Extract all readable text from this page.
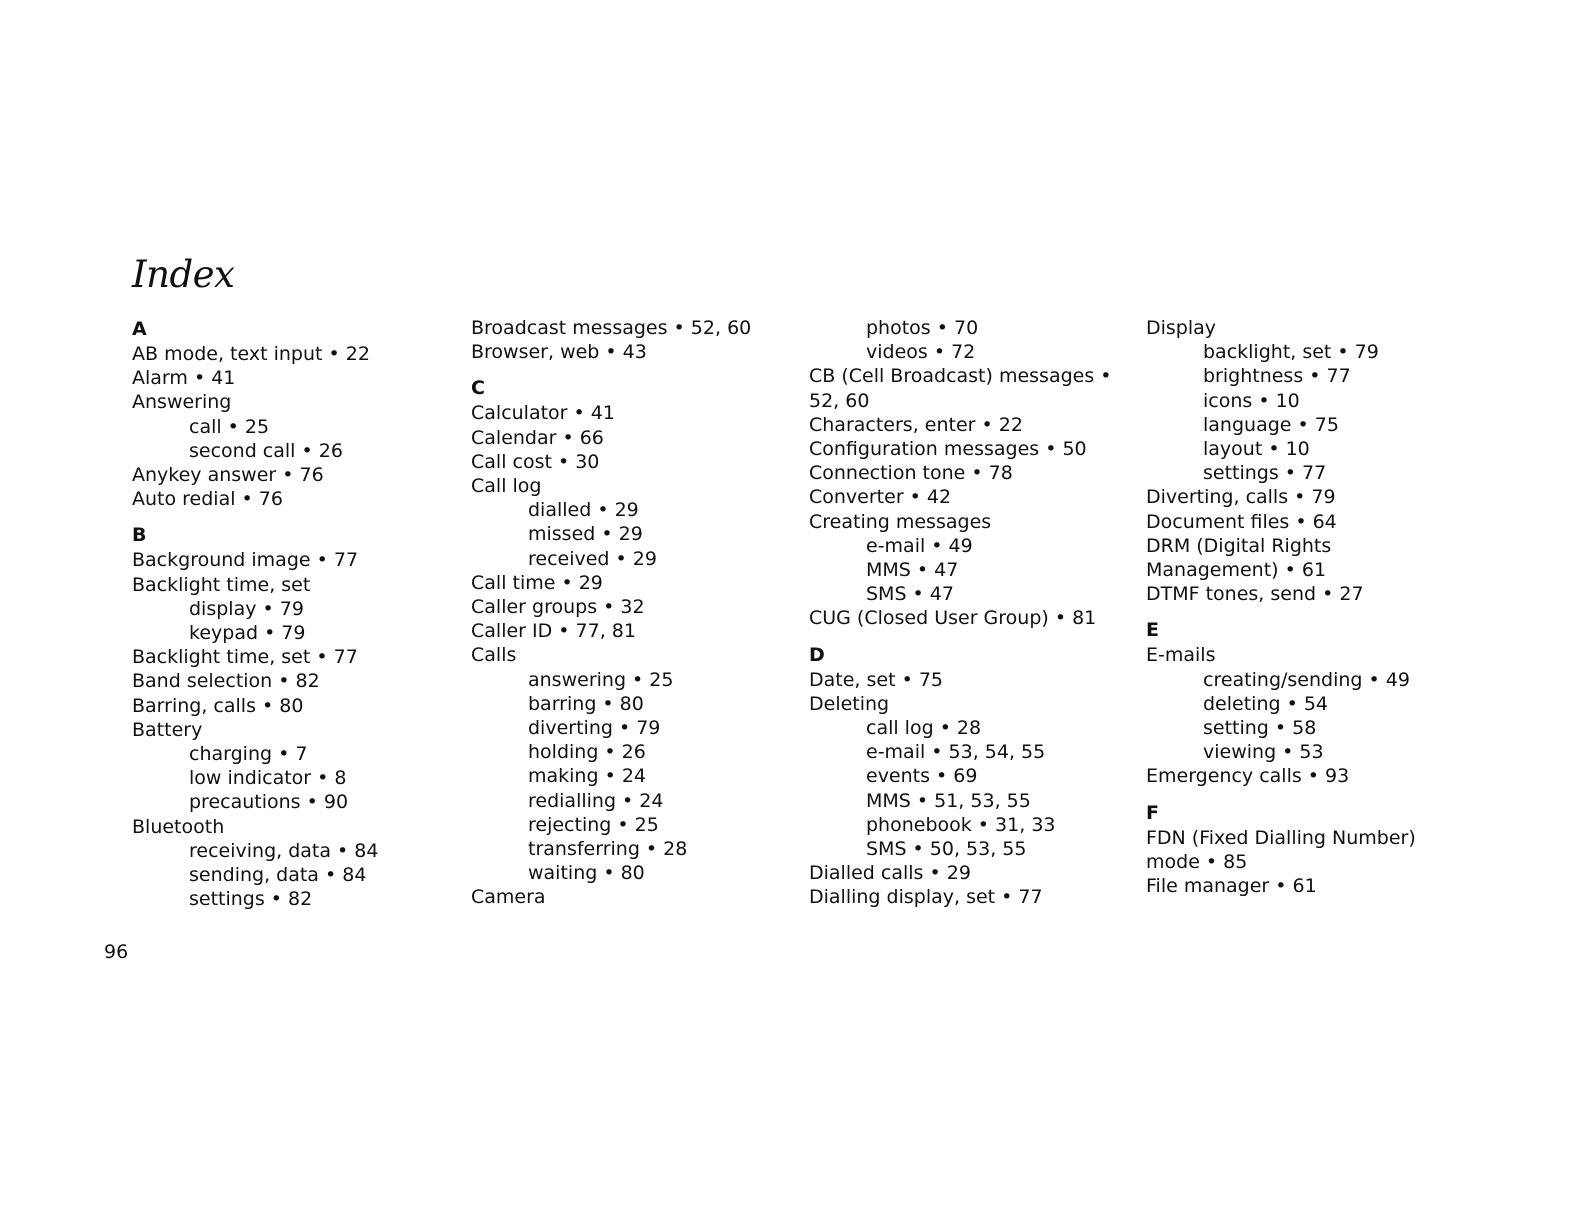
Index
A
AB mode, text input • 22
Alarm • 41
Answering
call • 25
second call • 26
Anykey answer • 76
Auto redial • 76
B
Background image • 77
Backlight time, set
display • 79
keypad • 79
Backlight time, set • 77
Band selection • 82
Barring, calls • 80
Battery
charging • 7
low indicator • 8
precautions • 90
Bluetooth
receiving, data • 84
sending, data • 84
settings • 82
Broadcast messages • 52, 60
Browser, web • 43
C
Calculator • 41
Calendar • 66
Call cost • 30
Call log
dialled • 29
missed • 29
received • 29
Call time • 29
Caller groups • 32
Caller ID • 77, 81
Calls
answering • 25
barring • 80
diverting • 79
holding • 26
making • 24
redialling • 24
rejecting • 25
transferring • 28
waiting • 80
Camera
photos • 70
videos • 72
CB (Cell Broadcast) messages •
52, 60
Characters, enter • 22
Configuration messages • 50
Connection tone • 78
Converter • 42
Creating messages
e-mail • 49
MMS • 47
SMS • 47
CUG (Closed User Group) • 81
D
Date, set • 75
Deleting
call log • 28
e-mail • 53, 54, 55
events • 69
MMS • 51, 53, 55
phonebook • 31, 33
SMS • 50, 53, 55
Dialled calls • 29
Dialling display, set • 77
Display
backlight, set • 79
brightness • 77
icons • 10
language • 75
layout • 10
settings • 77
Diverting, calls • 79
Document files • 64
DRM (Digital Rights
Management) • 61
DTMF tones, send • 27
E
E-mails
creating/sending • 49
deleting • 54
setting • 58
viewing • 53
Emergency calls • 93
F
FDN (Fixed Dialling Number)
mode • 85
File manager • 61
96
